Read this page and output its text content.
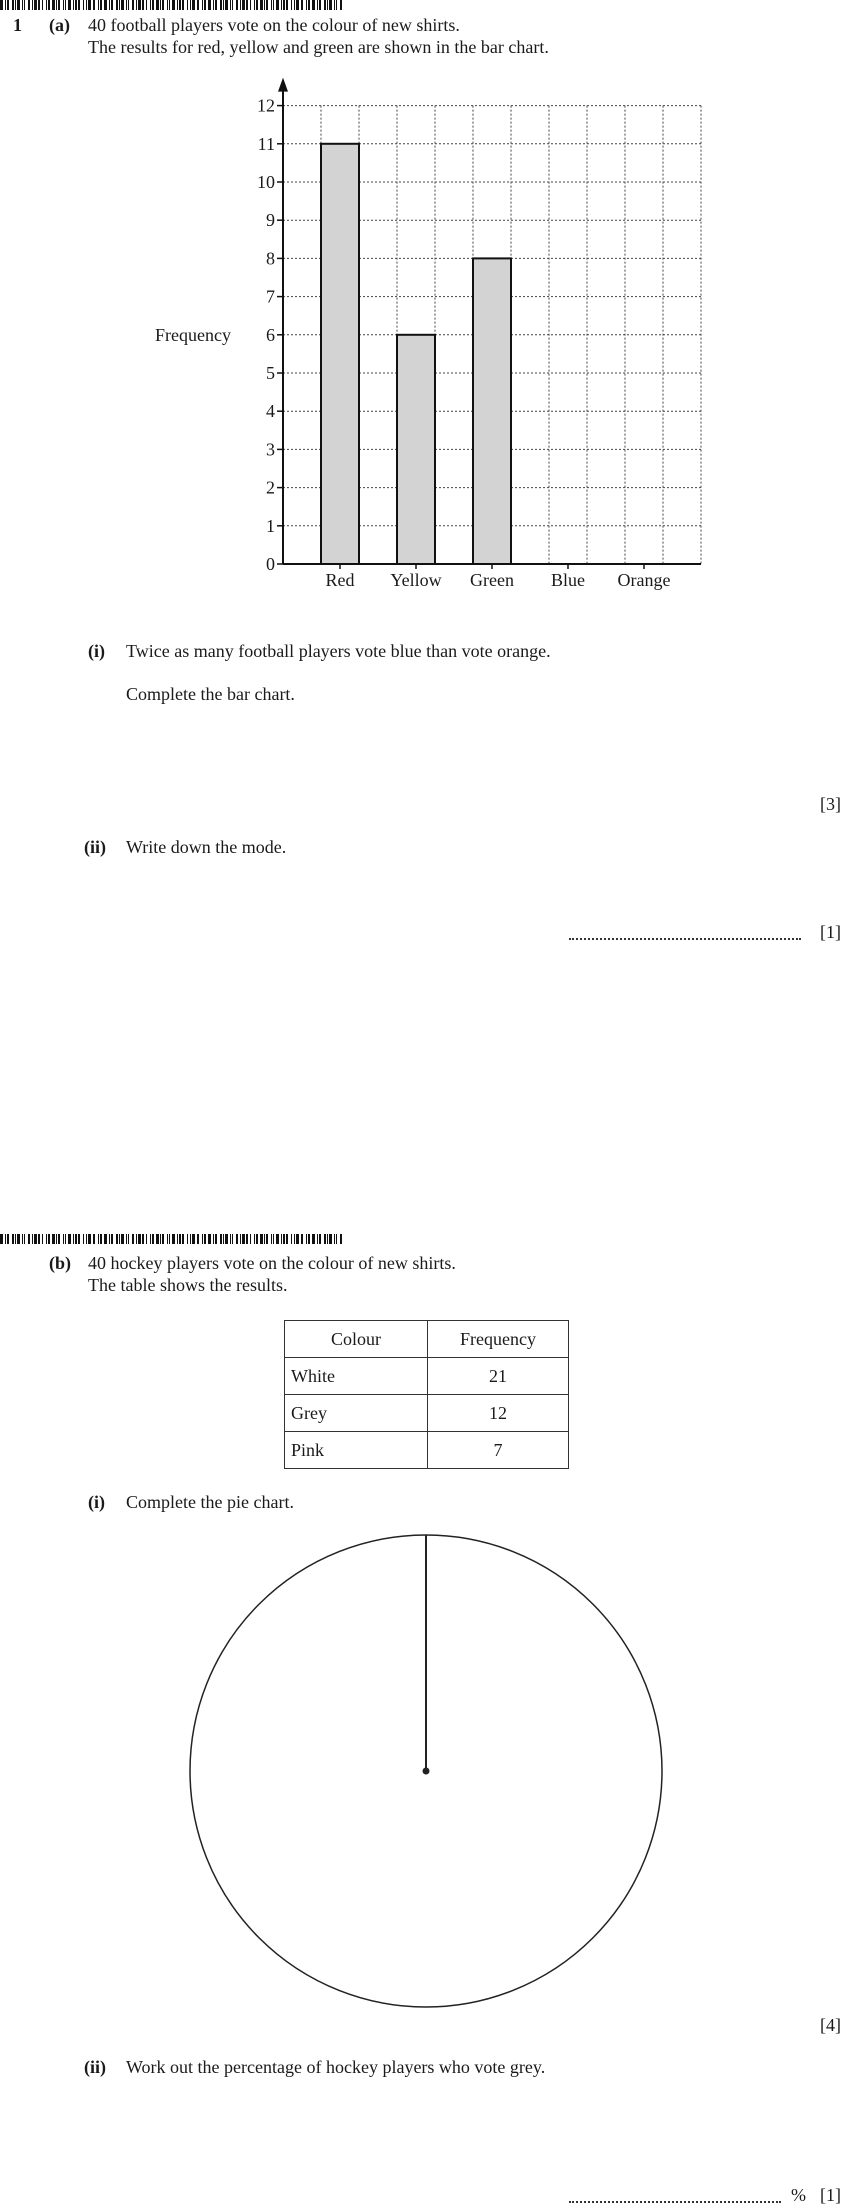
1 (a) 40 football players vote on the colour of new shirts.
The results for red, yellow and green are shown in the bar chart.
Red Yellow Green Blue Orange
0
1
2
3
4
5
6
7
8
9
10
11
12
Frequency
(i) Twice as many football players vote blue than vote orange.
Complete the bar chart.
[3]
(ii) Write down the mode.
[1]
(b) 40 hockey players vote on the colour of new shirts.
The table shows the results.
Colour	Frequency
White	21
Grey	12
Pink	7
(i) Complete the pie chart.
[4]
(ii) Work out the percentage of hockey players who vote grey.
% [1]
